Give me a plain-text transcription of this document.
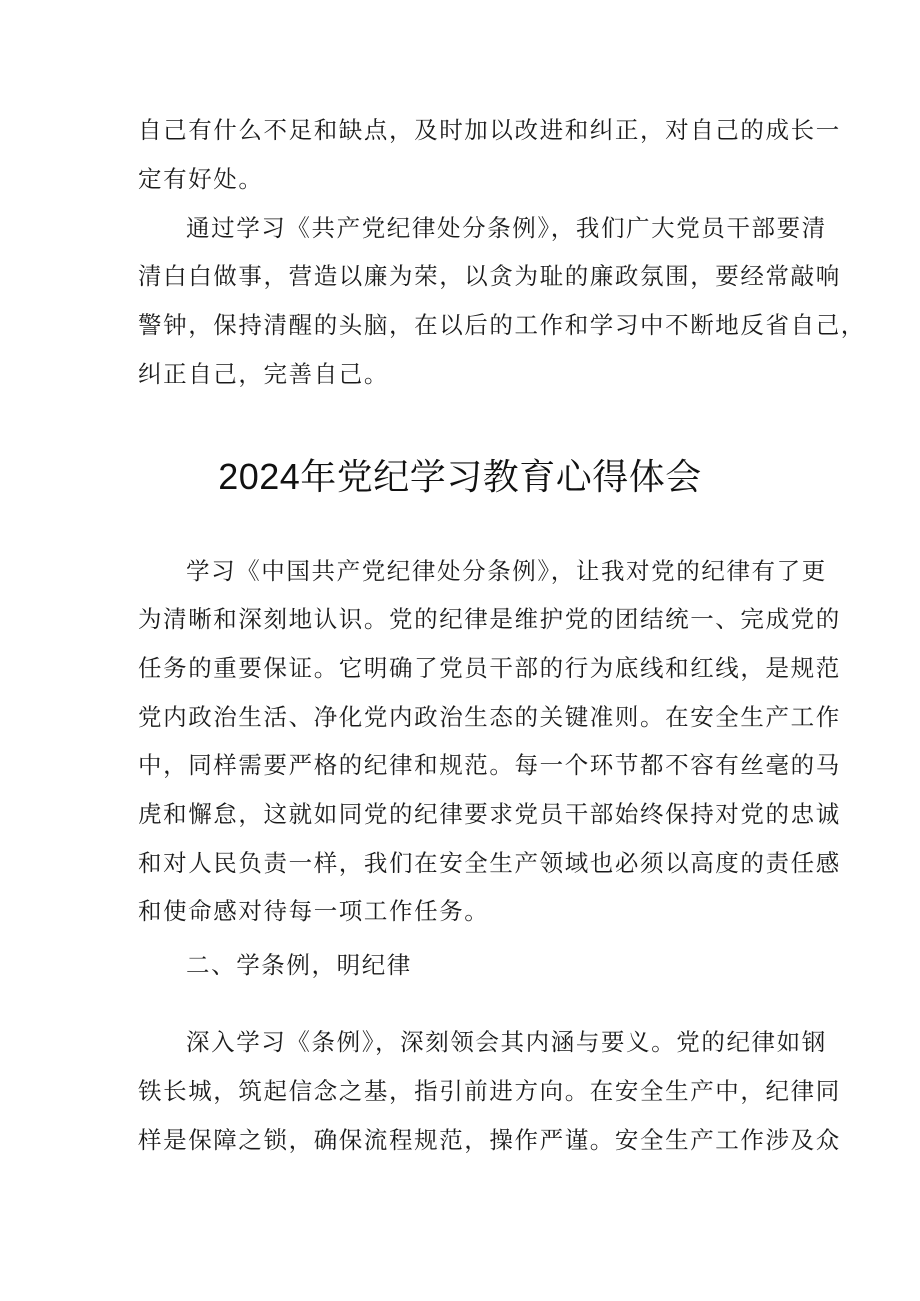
自己有什么不足和缺点，及时加以改进和纠正，对自己的成长一
定有好处。
通过学习《共产党纪律处分条例》，我们广大党员干部要清
清白白做事，营造以廉为荣，以贪为耻的廉政氛围，要经常敲响
警钟，保持清醒的头脑，在以后的工作和学习中不断地反省自己，
纠正自己，完善自己。
2024年党纪学习教育心得体会
学习《中国共产党纪律处分条例》，让我对党的纪律有了更
为清晰和深刻地认识。党的纪律是维护党的团结统一、完成党的
任务的重要保证。它明确了党员干部的行为底线和红线，是规范
党内政治生活、净化党内政治生态的关键准则。在安全生产工作
中，同样需要严格的纪律和规范。每一个环节都不容有丝毫的马
虎和懈怠，这就如同党的纪律要求党员干部始终保持对党的忠诚
和对人民负责一样，我们在安全生产领域也必须以高度的责任感
和使命感对待每一项工作任务。
二、学条例，明纪律
深入学习《条例》，深刻领会其内涵与要义。党的纪律如钢
铁长城，筑起信念之基，指引前进方向。在安全生产中，纪律同
样是保障之锁，确保流程规范，操作严谨。安全生产工作涉及众
